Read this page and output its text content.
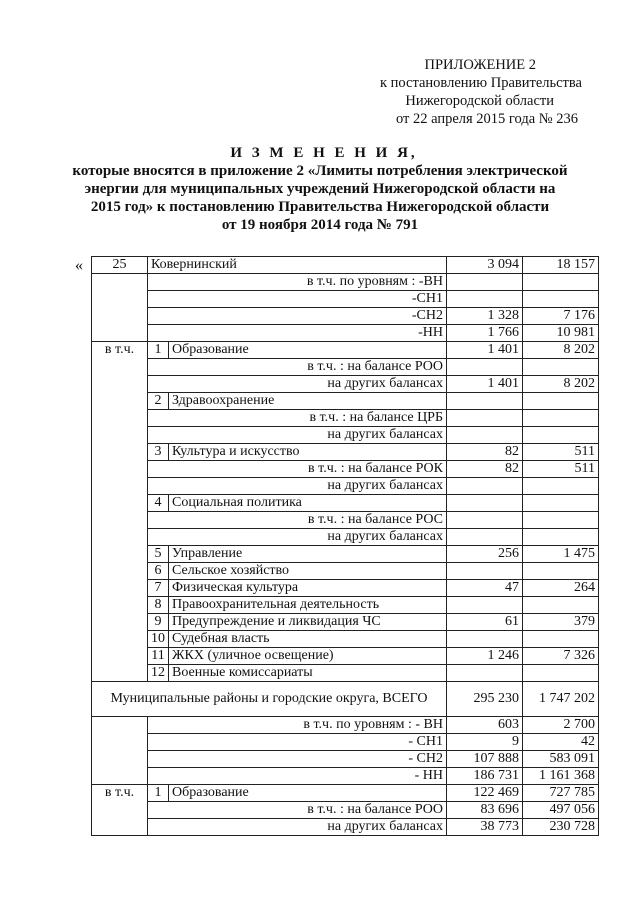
ПРИЛОЖЕНИЕ 2
к постановлению Правительства
Нижегородской области
от 22 апреля 2015 года № 236
И З М Е Н Е Н И Я,
которые вносятся в приложение 2 «Лимиты потребления электрической
энергии для муниципальных учреждений Нижегородской области на
2015 год» к постановлению Правительства Нижегородской области
от 19 ноября 2014 года № 791
« 25	Ковернинский		3 094	18 157
	в т.ч. по уровням : -ВН			
	-СН1			
	-СН2		1 328	7 176
	-НН		1 766	10 981
в т.ч.	1	Образование	1 401	8 202
	в т.ч. : на балансе РОО			
	на других балансах		1 401	8 202
	2	Здравоохранение		
	в т.ч. : на балансе ЦРБ			
	на других балансах			
	3	Культура и искусство	82	511
	в т.ч. : на балансе РОК		82	511
	на других балансах			
	4	Социальная политика		
	в т.ч. : на балансе РОС			
	на других балансах			
	5	Управление	256	1 475
	6	Сельское хозяйство		
	7	Физическая культура	47	264
	8	Правоохранительная деятельность		
	9	Предупреждение и ликвидация ЧС	61	379
	10	Судебная власть		
	11	ЖКХ (уличное освещение)	1 246	7 326
	12	Военные комиссариаты		
Муниципальные районы и городские округа, ВСЕГО			295 230	1 747 202
	в т.ч. по уровням : - ВН		603	2 700
	- СН1		9	42
	- СН2		107 888	583 091
	- НН		186 731	1 161 368
в т.ч.	1	Образование	122 469	727 785
	в т.ч. : на балансе РОО		83 696	497 056
	на других балансах		38 773	230 728
